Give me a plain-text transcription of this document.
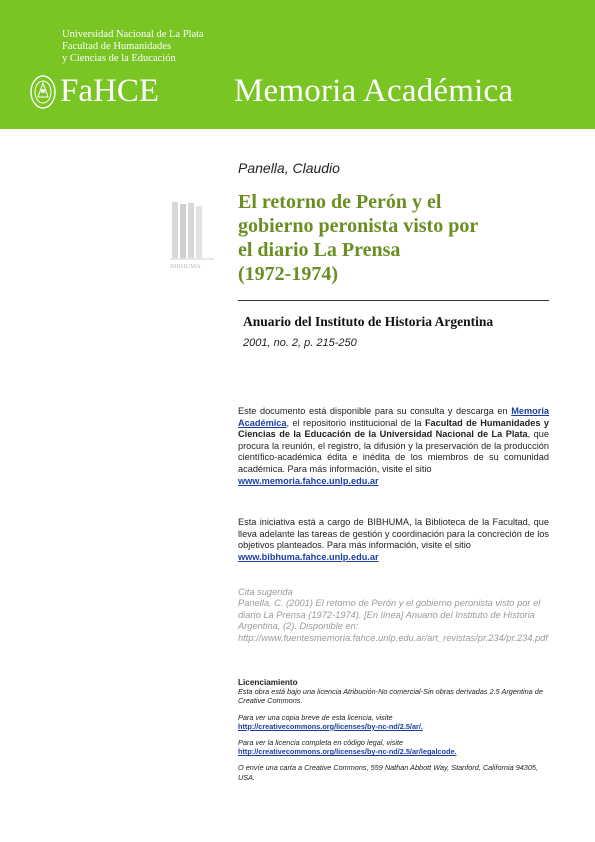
Universidad Nacional de La Plata
Facultad de Humanidades
y Ciencias de la Educación
FaHCE Memoria Académica
BIBHUMA
Panella, Claudio
El retorno de Perón y el
gobierno peronista visto por
el diario La Prensa
(1972-1974)
Anuario del Instituto de Historia Argentina
2001, no. 2, p. 215-250
Este documento está disponible para su consulta y descarga en Memoria Académica, el repositorio institucional de la Facultad de Humanidades y Ciencias de la Educación de la Universidad Nacional de La Plata, que procura la reunión, el registro, la difusión y la preservación de la producción científico-académica édita e inédita de los miembros de su comunidad académica. Para más información, visite el sitio
www.memoria.fahce.unlp.edu.ar
Esta iniciativa está a cargo de BIBHUMA, la Biblioteca de la Facultad, que lleva adelante las tareas de gestión y coordinación para la concreción de los objetivos planteados. Para más información, visite el sitio
www.bibhuma.fahce.unlp.edu.ar
Cita sugerida
Panella, C. (2001) El retorno de Perón y el gobierno peronista visto por el diario La Prensa (1972-1974). [En línea] Anuario del Instituto de Historia Argentina, (2). Disponible en: http://www.fuentesmemoria.fahce.unlp.edu.ar/art_revistas/pr.234/pr.234.pdf
Licenciamiento
Esta obra está bajo una licencia Atribución-No comercial-Sin obras derivadas 2.5 Argentina de Creative Commons.
Para ver una copia breve de esta licencia, visite
http://creativecommons.org/licenses/by-nc-nd/2.5/ar/.
Para ver la licencia completa en código legal, visite
http://creativecommons.org/licenses/by-nc-nd/2.5/ar/legalcode.
O envíe una carta a Creative Commons, 559 Nathan Abbott Way, Stanford, California 94305, USA.
